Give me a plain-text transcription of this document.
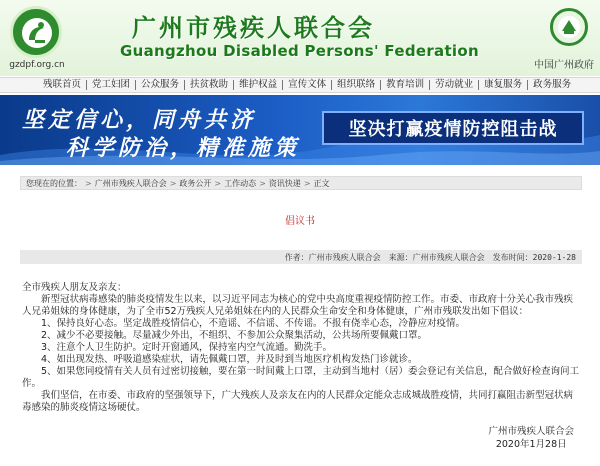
gzdpf.org.cn
广州市残疾人联合会
Guangzhou Disabled Persons' Federation
中国广州政府
残联首页	党工妇团	公众服务	扶贫救助	维护权益	宣传文体	组织联络	教育培训	劳动就业	康复服务	政务服务
坚定信心，同舟共济
科学防治，精准施策
坚决打赢疫情防控阻击战
您现在的位置： > 广州市残疾人联合会 > 政务公开 > 工作动态 > 资讯快递 > 正文
倡议书
作者： 广州市残疾人联合会 来源： 广州市残疾人联合会 发布时间： 2020-1-28

全市残疾人朋友及亲友：

新型冠状病毒感染的肺炎疫情发生以来，以习近平同志为核心的党中央高度重视疫情防控工作。市委、市政府十分关心我市残疾人兄弟姐妹的身体健康，为了全市52万残疾人兄弟姐妹在内的人民群众生命安全和身体健康，广州市残联发出如下倡议：

1、保持良好心态。坚定战胜疫情信心，不造谣、不信谣、不传谣。不报有侥幸心态，冷静应对疫情。

2、减少不必要接触。尽量减少外出，不组织、不参加公众聚集活动，公共场所要佩戴口罩。

3、注意个人卫生防护。定时开窗通风，保持室内空气流通。勤洗手。

4、如出现发热、呼吸道感染症状，请先佩戴口罩，并及时到当地医疗机构发热门诊就诊。

5、如果您同疫情有关人员有过密切接触，要在第一时间戴上口罩，主动到当地村（居）委会登记有关信息，配合做好检查询问工作。

我们坚信，在市委、市政府的坚强领导下，广大残疾人及亲友在内的人民群众定能众志成城战胜疫情，共同打赢阻击新型冠状病毒感染的肺炎疫情这场硬仗。

广州市残疾人联合会
2020年1月28日
